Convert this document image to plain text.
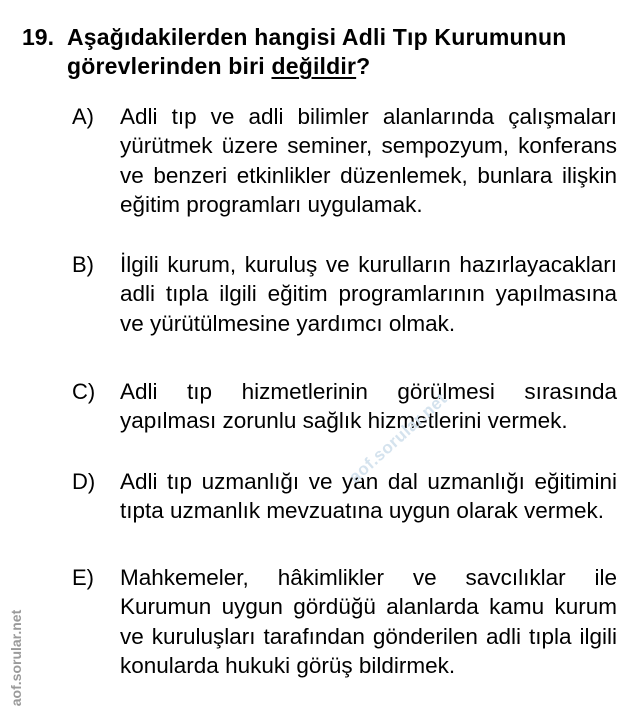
19. Aşağıdakilerden hangisi Adli Tıp Kurumunun görevlerinden biri değildir?
A) Adli tıp ve adli bilimler alanlarında çalışmaları yürütmek üzere seminer, sempozyum, konferans ve benzeri etkinlikler düzenlemek, bunlara ilişkin eğitim programları uygulamak.
B) İlgili kurum, kuruluş ve kurulların hazırlayacakları adli tıpla ilgili eğitim programlarının yapılmasına ve yürütülmesine yardımcı olmak.
C) Adli tıp hizmetlerinin görülmesi sırasında yapılması zorunlu sağlık hizmetlerini vermek.
D) Adli tıp uzmanlığı ve yan dal uzmanlığı eğitimini tıpta uzmanlık mevzuatına uygun olarak vermek.
E) Mahkemeler, hâkimlikler ve savcılıklar ile Kurumun uygun gördüğü alanlarda kamu kurum ve kuruluşları tarafından gönderilen adli tıpla ilgili konularda hukuki görüş bildirmek.
aof.sorular.net
aof.sorular.net
